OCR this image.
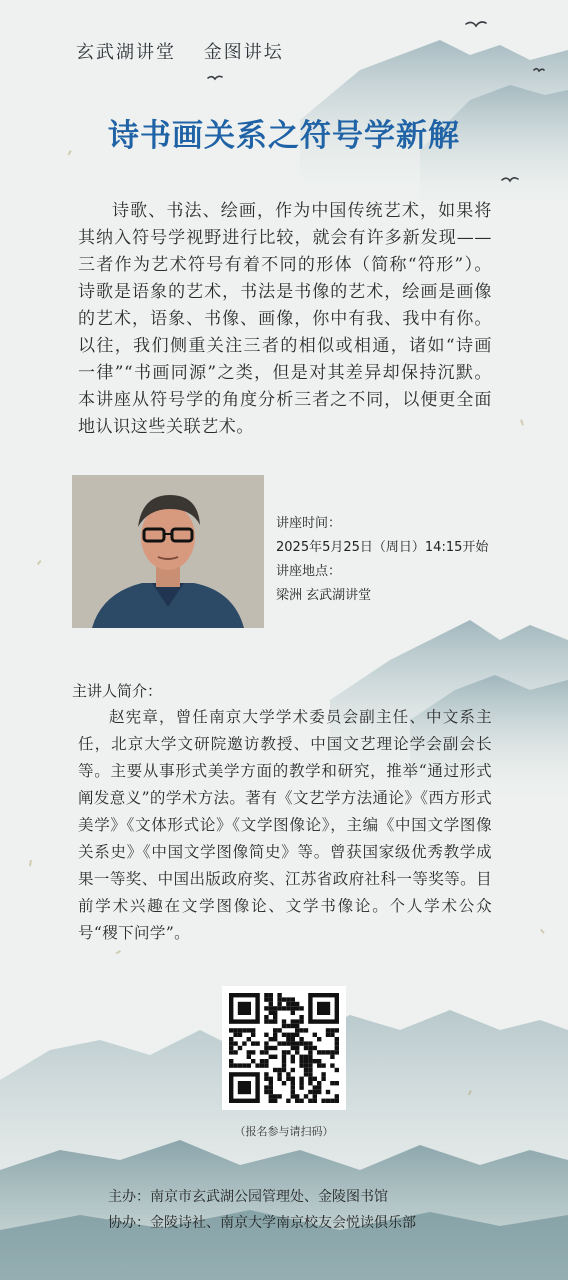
玄武湖讲堂 金图讲坛
诗书画关系之符号学新解

诗歌、书法、绘画，作为中国传统艺术，如果将其纳入符号学视野进行比较，就会有许多新发现——三者作为艺术符号有着不同的形体（简称“符形”）。诗歌是语象的艺术，书法是书像的艺术，绘画是画像的艺术，语象、书像、画像，你中有我、我中有你。以往，我们侧重关注三者的相似或相通，诸如“诗画一律”“书画同源”之类，但是对其差异却保持沉默。本讲座从符号学的角度分析三者之不同，以便更全面地认识这些关联艺术。

讲座时间：
2025年5月25日（周日）14:15开始
讲座地点：
梁洲 玄武湖讲堂
主讲人简介：

赵宪章，曾任南京大学学术委员会副主任、中文系主任，北京大学文研院邀访教授、中国文艺理论学会副会长等。主要从事形式美学方面的教学和研究，推举“通过形式阐发意义”的学术方法。著有《文艺学方法通论》《西方形式美学》《文体形式论》《文学图像论》，主编《中国文学图像关系史》《中国文学图像简史》等。曾获国家级优秀教学成果一等奖、中国出版政府奖、江苏省政府社科一等奖等。目前学术兴趣在文学图像论、文学书像论。个人学术公众号“稷下问学”。

（报名参与请扫码）
主办：南京市玄武湖公园管理处、金陵图书馆
协办：金陵诗社、南京大学南京校友会悦读俱乐部
